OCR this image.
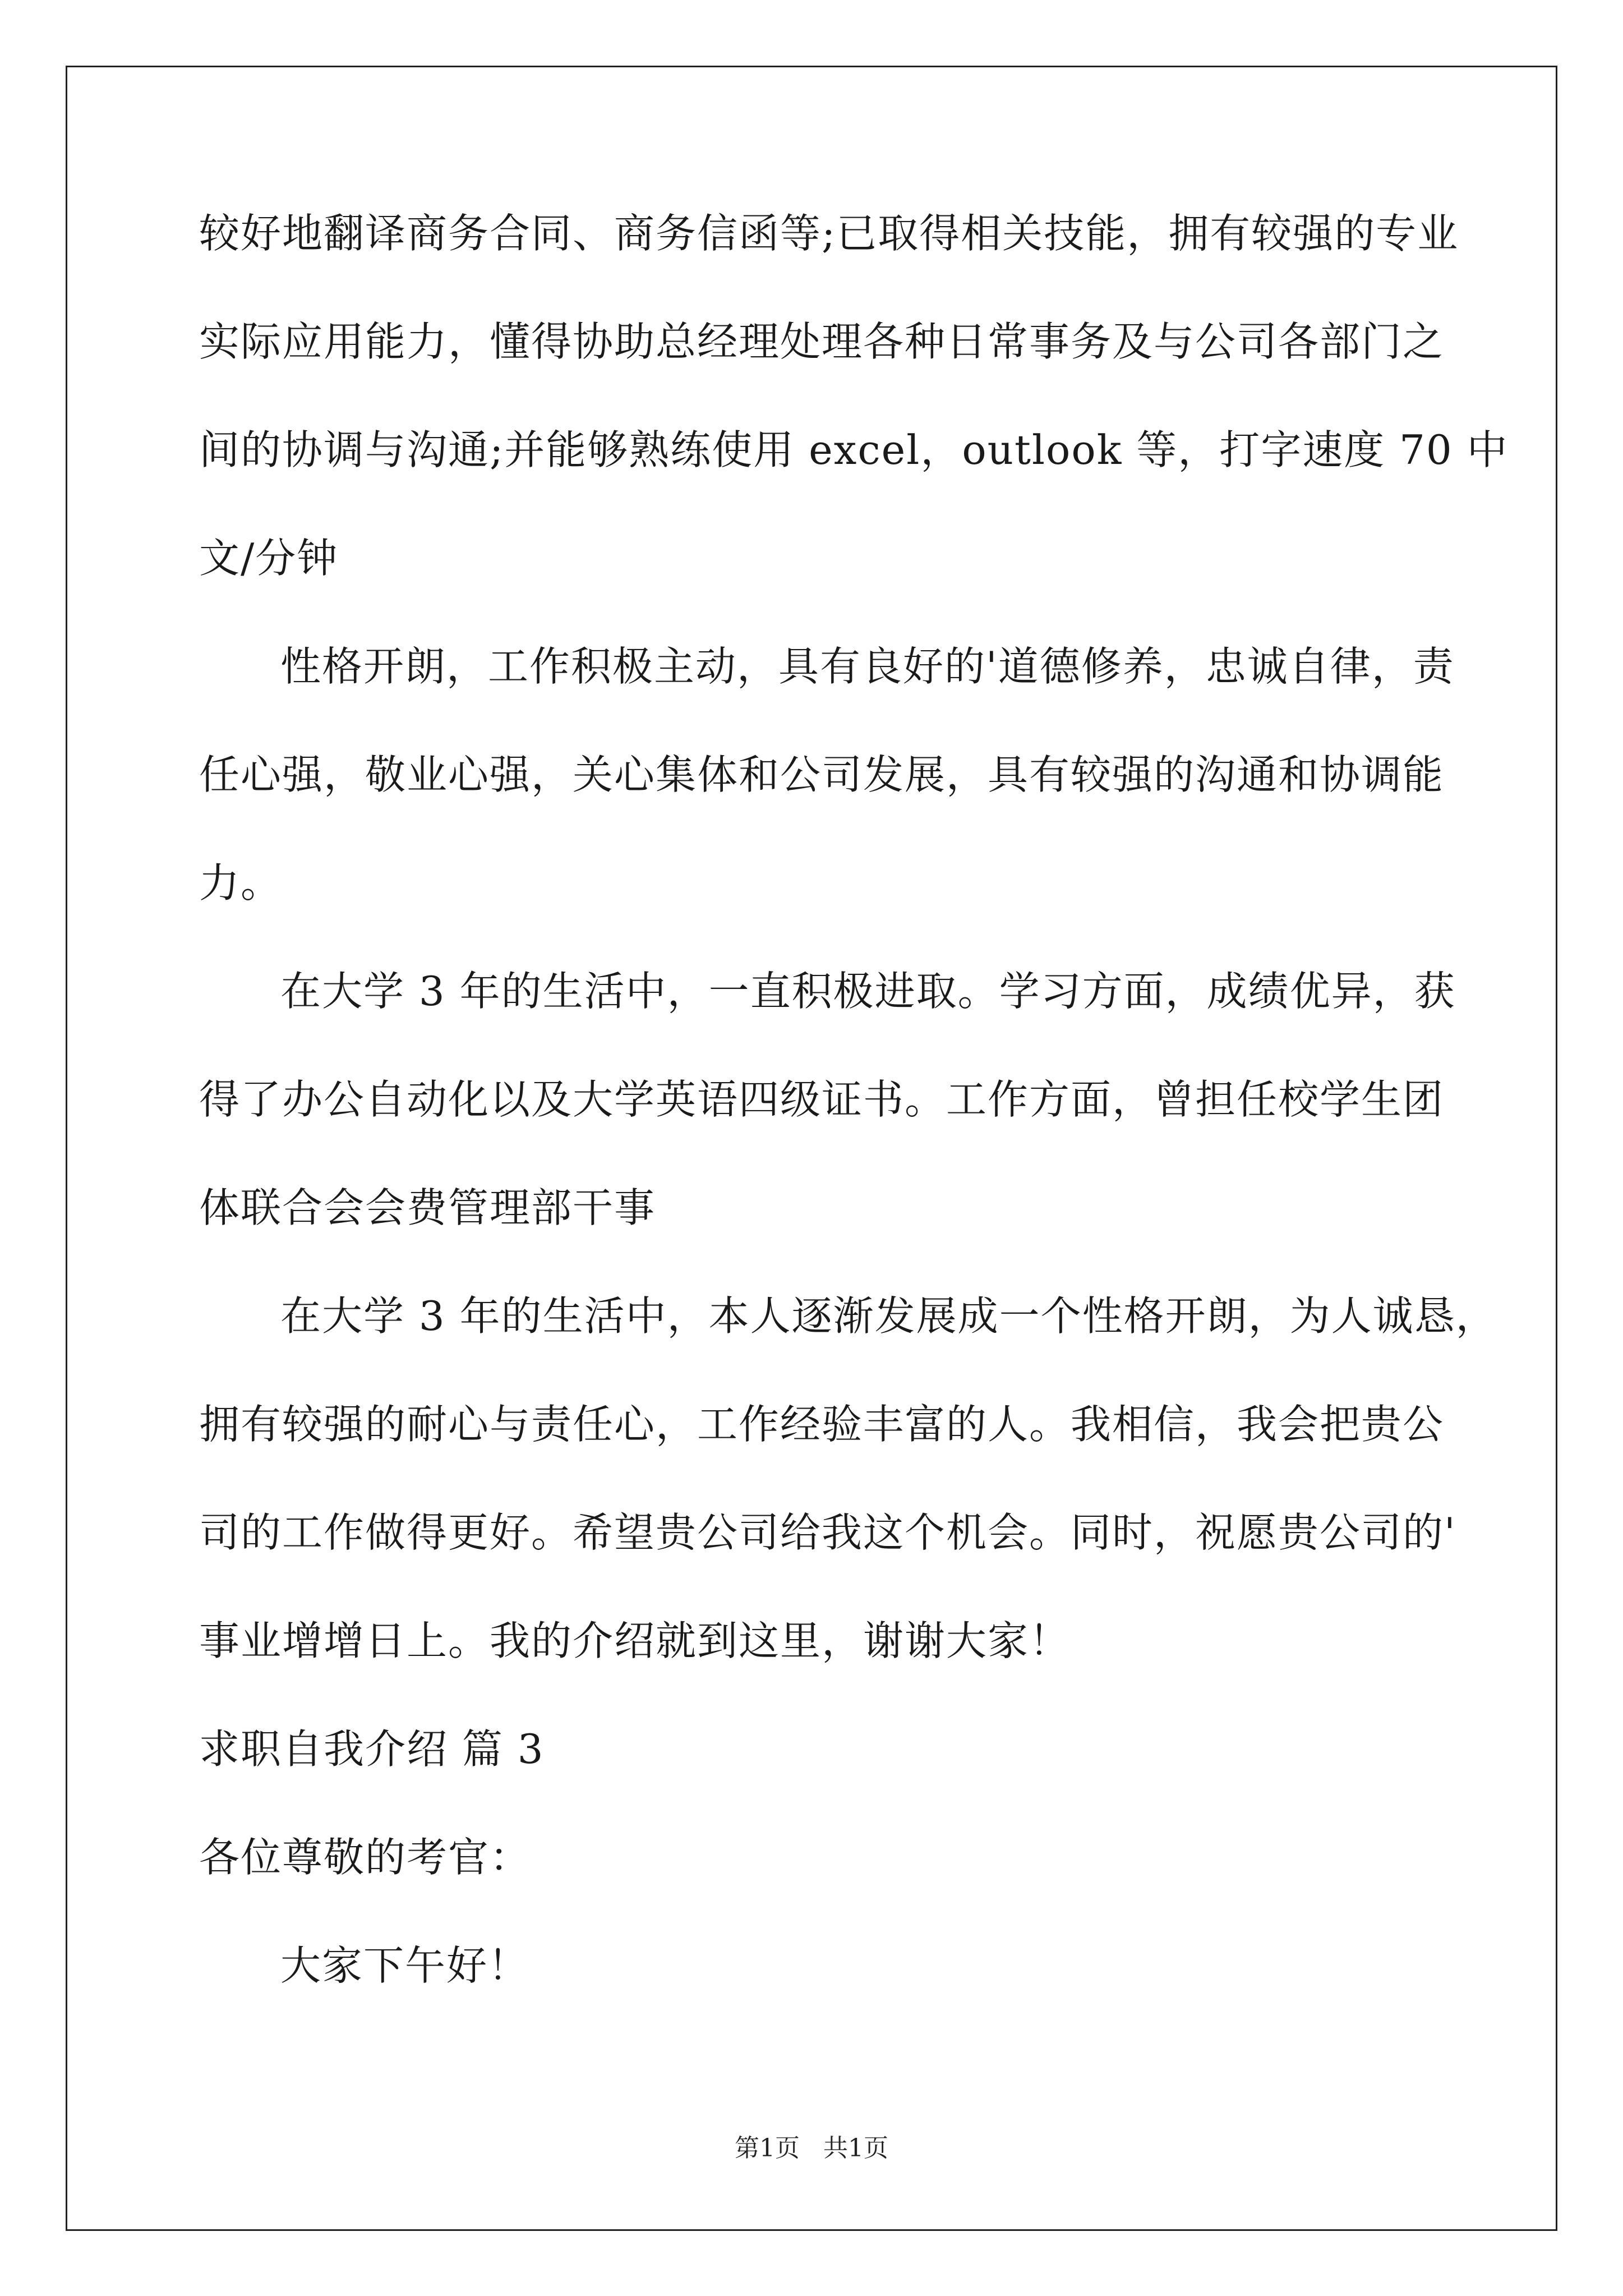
较好地翻译商务合同、商务信函等;已取得相关技能，拥有较强的专业
实际应用能力，懂得协助总经理处理各种日常事务及与公司各部门之
间的协调与沟通;并能够熟练使用 excel，outlook 等，打字速度 70 中
文/分钟
性格开朗，工作积极主动，具有良好的'道德修养，忠诚自律，责
任心强，敬业心强，关心集体和公司发展，具有较强的沟通和协调能
力。
在大学 3 年的生活中，一直积极进取。学习方面，成绩优异，获
得了办公自动化以及大学英语四级证书。工作方面，曾担任校学生团
体联合会会费管理部干事
在大学 3 年的生活中，本人逐渐发展成一个性格开朗，为人诚恳，
拥有较强的耐心与责任心，工作经验丰富的人。我相信，我会把贵公
司的工作做得更好。希望贵公司给我这个机会。同时，祝愿贵公司的'
事业增增日上。我的介绍就到这里，谢谢大家！
求职自我介绍 篇 3
各位尊敬的考官：
大家下午好！
第1页 共1页
